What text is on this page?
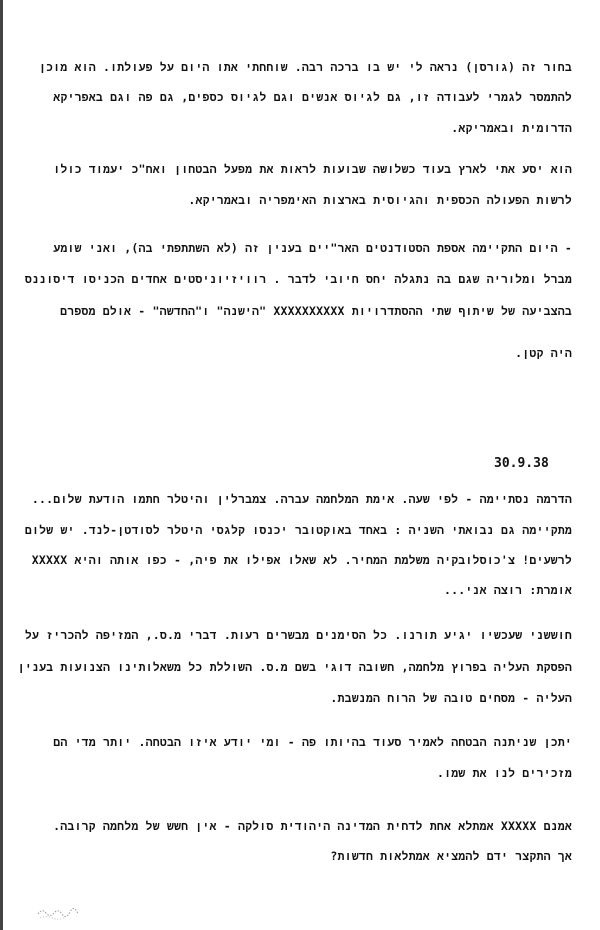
בחור זה (גורסן) נראה לי יש בו ברכה רבה. שוחחתי אתו היום על פעולתו. הוא מוכן
להתמסר לגמרי לעבודה זו, גם לגיוס אנשים וגם לגיוס כספים, גם פה וגם באפריקא
הדרומית ובאמריקא.
הוא יסע אתי לארץ בעוד כשלושה שבועות לראות את מפעל הבטחון ואח"כ יעמוד כולו
לרשות הפעולה הכספית והגיוסית בארצות האימפריה ובאמריקא.
- היום התקיימה אספת הסטודנטים האר"יים בענין זה (לא השתתפתי בה), ואני שומע
מברל ומלוריה שגם בה נתגלה יחס חיובי לדבר . רוויזיוניסטים אחדים הכניסו דיסוננס
בהצביעה של שיתוף שתי ההסתדרויות XXXXXXXXXX "הישנה" ו"החדשה" - אולם מספרם
היה קטן.
30.9.38
הדרמה נסתיימה - לפי שעה. אימת המלחמה עברה. צמברלין והיטלר חתמו הודעת שלום...
מתקיימה גם נבואתי השניה : באחד באוקטובר יכנסו קלגסי היטלר לסודטן-לנד. יש שלום
לרשעים! צ'כוסלובקיה משלמת המחיר. לא שאלו אפילו את פיה, - כפו אותה והיא XXXXX
אומרת: רוצה אני...
חוששני שעכשיו יגיע תורנו. כל הסימנים מבשרים רעות. דברי מ.ס., המזיפה להכריז על
הפסקת העליה בפרוץ מלחמה, חשובה דוגי בשם מ.ס. השוללת כל משאלותינו הצנועות בענין
העליה - מסחים טובה של הרוח המנשבת.
יתכן שניתנה הבטחה לאמיר סעוד בהיותו פה - ומי יודע איזו הבטחה. יותר מדי הם
מזכירים לנו את שמו.
אמנם XXXXX אמתלא אחת לדחית המדינה היהודית סולקה - אין חשש של מלחמה קרובה.
אך התקצר ידם להמציא אמתלאות חדשות?
